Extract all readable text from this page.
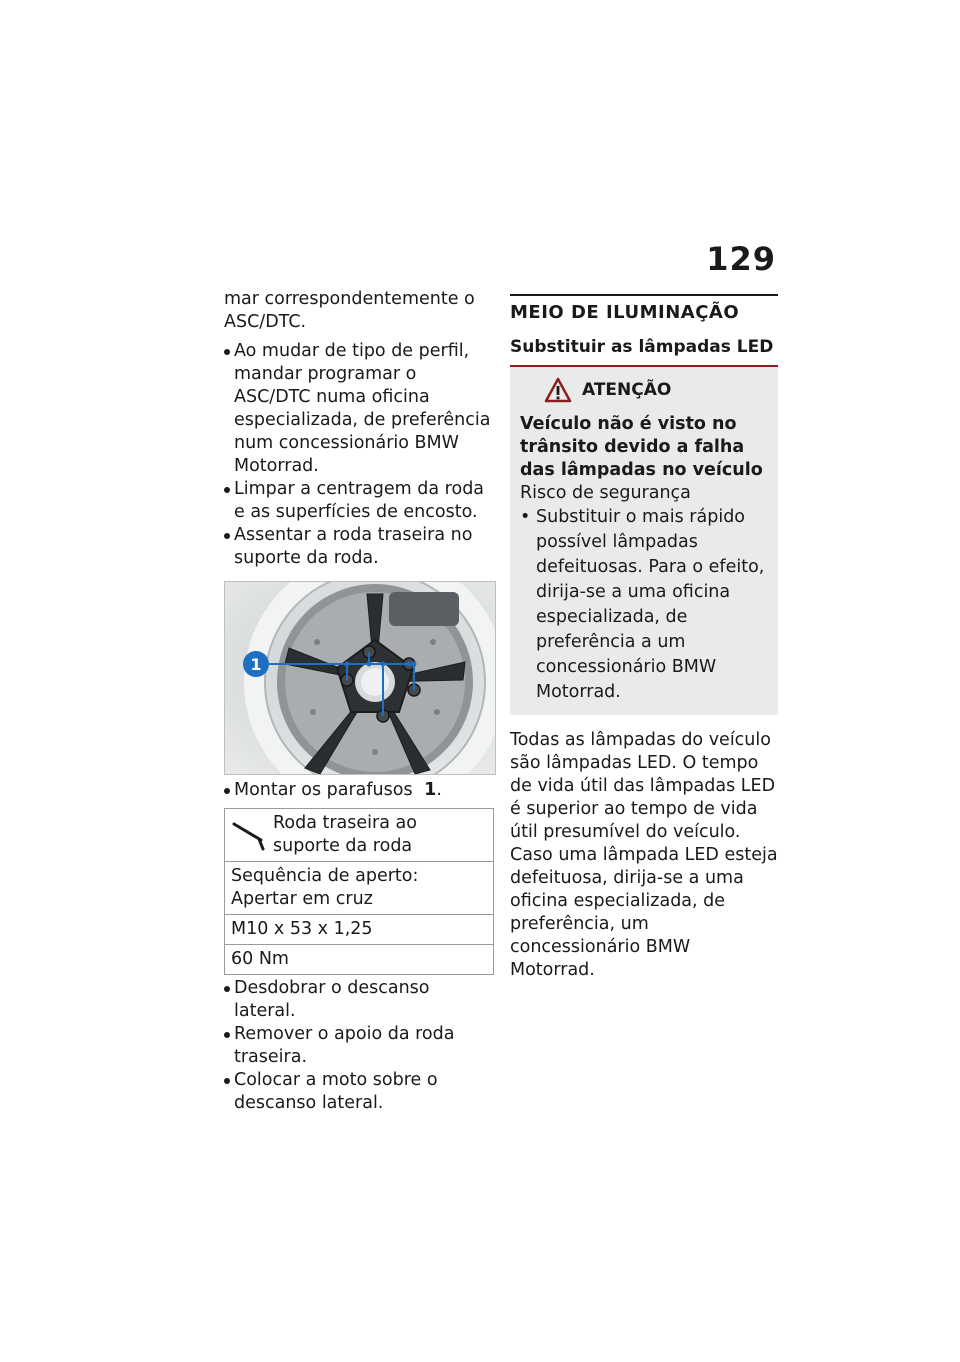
129

mar correspondentemente o ASC/DTC.

Ao mudar de tipo de perfil, mandar programar o ASC/DTC numa oficina especializada, de preferência num concessionário BMW Motorrad.
Limpar a centragem da roda e as superfícies de encosto.
Assentar a roda traseira no suporte da roda.
1
Montar os parafusos 1.
Roda traseira ao suporte da roda

Sequência de aperto: Apertar em cruz
M10 x 53 x 1,25
60 Nm
Desdobrar o descanso lateral.
Remover o apoio da roda traseira.
Colocar a moto sobre o descanso lateral.
MEIO DE ILUMINAÇÃO
Substituir as lâmpadas LED
ATENÇÃO
Veículo não é visto no trânsito devido a falha das lâmpadas no veículo
Risco de segurança
• Substituir o mais rápido possível lâmpadas defeituosas. Para o efeito, dirija-se a uma oficina especializada, de preferência a um concessionário BMW Motorrad.

Todas as lâmpadas do veículo são lâmpadas LED. O tempo de vida útil das lâmpadas LED é superior ao tempo de vida útil presumível do veículo. Caso uma lâmpada LED esteja defeituosa, dirija-se a uma oficina especializada, de preferência, um concessionário BMW Motorrad.
